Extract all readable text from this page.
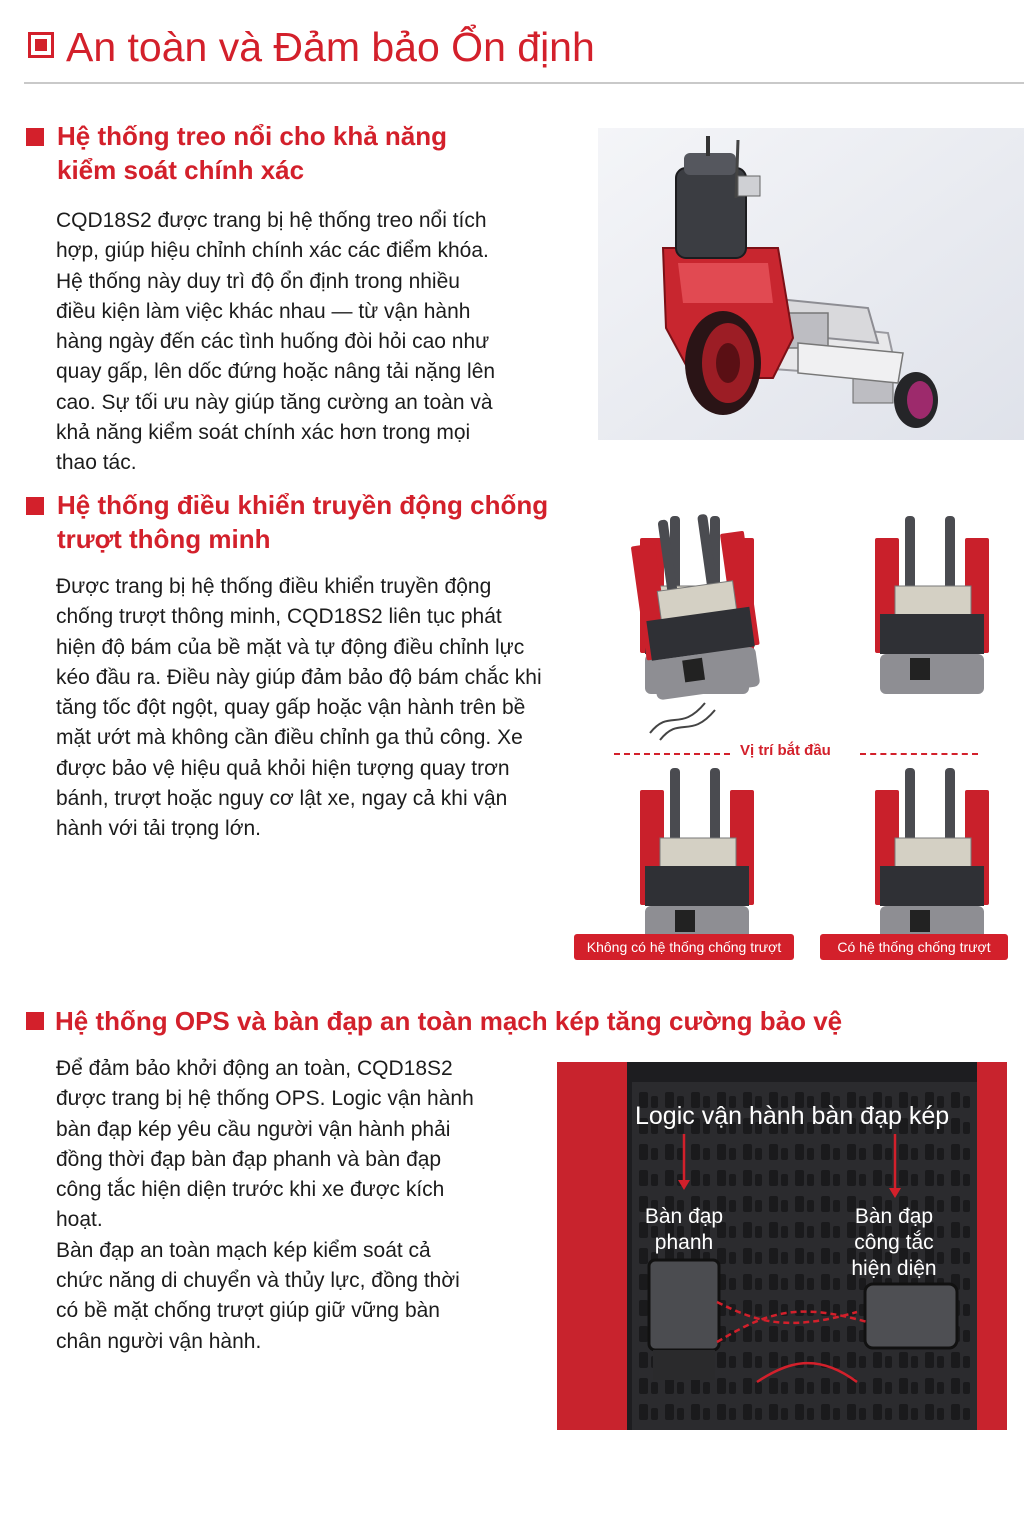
An toàn và Đảm bảo Ổn định
Hệ thống treo nổi cho khả năng
kiểm soát chính xác
CQD18S2 được trang bị hệ thống treo nổi tích
hợp, giúp hiệu chỉnh chính xác các điểm khóa.
Hệ thống này duy trì độ ổn định trong nhiều
điều kiện làm việc khác nhau — từ vận hành
hàng ngày đến các tình huống đòi hỏi cao như
quay gấp, lên dốc đứng hoặc nâng tải nặng lên
cao. Sự tối ưu này giúp tăng cường an toàn và
khả năng kiểm soát chính xác hơn trong mọi
thao tác.
Hệ thống điều khiển truyền động chống
trượt thông minh
Được trang bị hệ thống điều khiển truyền động
chống trượt thông minh, CQD18S2 liên tục phát
hiện độ bám của bề mặt và tự động điều chỉnh lực
kéo đầu ra. Điều này giúp đảm bảo độ bám chắc khi
tăng tốc đột ngột, quay gấp hoặc vận hành trên bề
mặt ướt mà không cần điều chỉnh ga thủ công. Xe
được bảo vệ hiệu quả khỏi hiện tượng quay trơn
bánh, trượt hoặc nguy cơ lật xe, ngay cả khi vận
hành với tải trọng lớn.
Vị trí bắt đầu
Không có hệ thống chống trượt	Có hệ thống chống trượt
Hệ thống OPS và bàn đạp an toàn mạch kép tăng cường bảo vệ
Để đảm bảo khởi động an toàn, CQD18S2
được trang bị hệ thống OPS. Logic vận hành
bàn đạp kép yêu cầu người vận hành phải
đồng thời đạp bàn đạp phanh và bàn đạp
công tắc hiện diện trước khi xe được kích
hoạt.
Bàn đạp an toàn mạch kép kiểm soát cả
chức năng di chuyển và thủy lực, đồng thời
có bề mặt chống trượt giúp giữ vững bàn
chân người vận hành.
Logic vận hành bàn đạp kép
Bàn đạp
phanh
Bàn đạp
công tắc
hiện diện
